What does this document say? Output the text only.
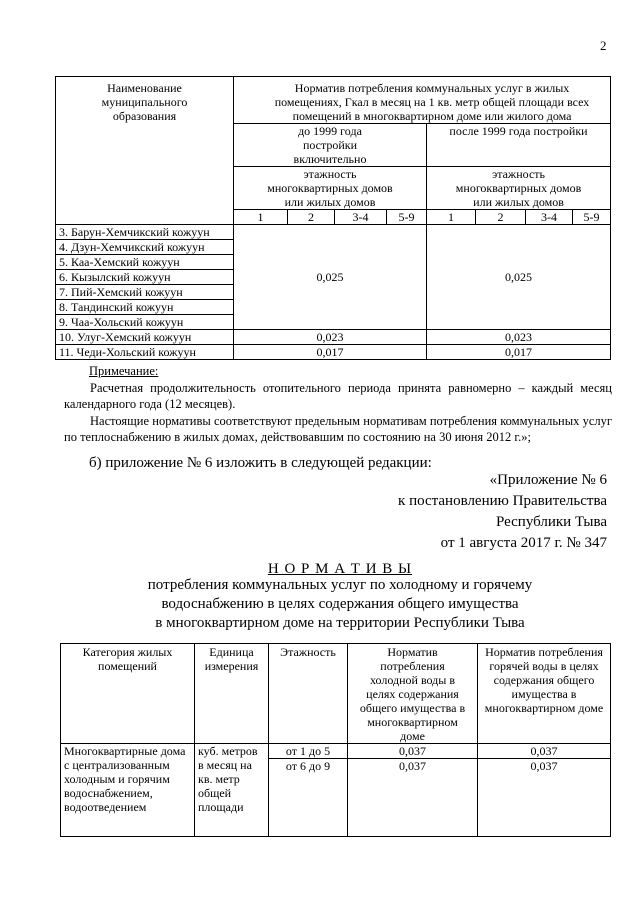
2
Наименование муниципального образования	Норматив потребления коммунальных услуг в жилых помещениях, Гкал в месяц на 1 кв. метр общей площади всех помещений в многоквартирном доме или жилого дома							
	до 1999 года постройки включительно				после 1999 года постройки			
	этажность многоквартирных домов или жилых домов				этажность многоквартирных домов или жилых домов			
	1	2	3-4	5-9	1	2	3-4	5-9
3. Барун-Хемчикский кожуун	0,025				0,025			
4. Дзун-Хемчикский кожуун								
5. Каа-Хемский кожуун								
6. Кызылский кожуун								
7. Пий-Хемский кожуун								
8. Тандинский кожуун								
9. Чаа-Хольский кожуун								
10. Улуг-Хемский кожуун	0,023				0,023			
11. Чеди-Хольский кожуун	0,017				0,017			
Примечание:
Расчетная продолжительность отопительного периода принята равномерно – каждый месяц календарного года (12 месяцев).
Настоящие нормативы соответствуют предельным нормативам потребления коммунальных услуг по теплоснабжению в жилых домах, действовавшим по состоянию на 30 июня 2012 г.»;
б) приложение № 6 изложить в следующей редакции:
«Приложение № 6
к постановлению Правительства
Республики Тыва
от 1 августа 2017 г. № 347
Н О Р М А Т И В Ы
потребления коммунальных услуг по холодному и горячему
водоснабжению в целях содержания общего имущества
в многоквартирном доме на территории Республики Тыва
Категория жилых помещений	Единица измерения	Этажность	Норматив потребления холодной воды в целях содержания общего имущества в многоквартирном доме	Норматив потребления горячей воды в целях содержания общего имущества в многоквартирном доме
Многоквартирные дома с централизованным холодным и горячим водоснабжением, водоотведением	куб. метров в месяц на кв. метр общей площади	от 1 до 5	0,037	0,037
		от 6 до 9	0,037	0,037
